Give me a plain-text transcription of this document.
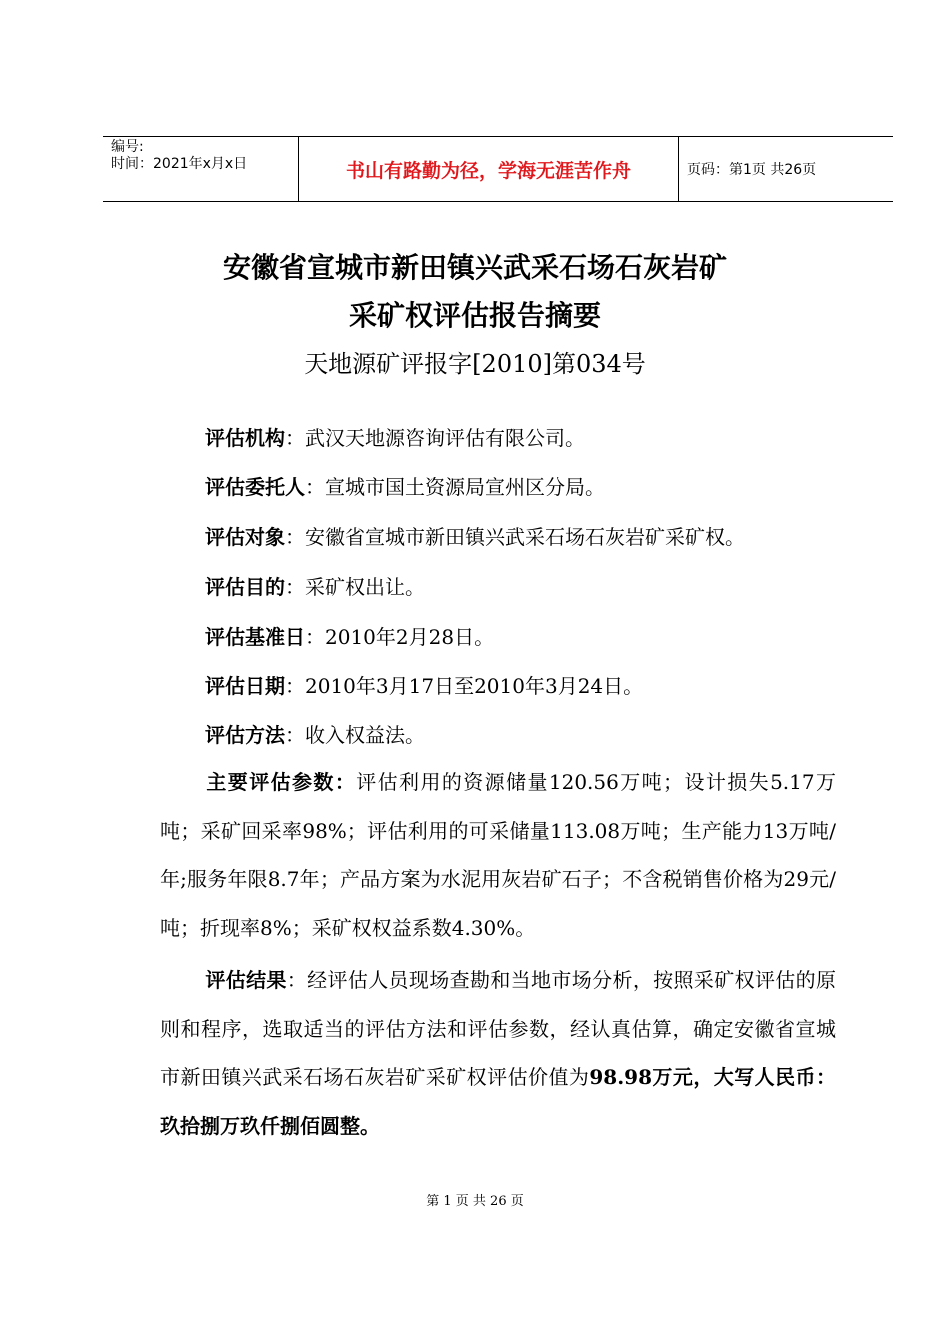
编号:
时间：2021年x月x日	书山有路勤为径，学海无涯苦作舟	页码：第1页 共26页
安徽省宣城市新田镇兴武采石场石灰岩矿
采矿权评估报告摘要
天地源矿评报字[2010]第034号
评估机构：武汉天地源咨询评估有限公司。
评估委托人：宣城市国土资源局宣州区分局。
评估对象：安徽省宣城市新田镇兴武采石场石灰岩矿采矿权。
评估目的：采矿权出让。
评估基准日：2010年2月28日。
评估日期：2010年3月17日至2010年3月24日。
评估方法：收入权益法。
主要评估参数：评估利用的资源储量120.56万吨；设计损失5.17万吨；采矿回采率98%；评估利用的可采储量113.08万吨；生产能力13万吨/年;服务年限8.7年；产品方案为水泥用灰岩矿石子；不含税销售价格为29元/吨；折现率8%；采矿权权益系数4.30%。
评估结果：经评估人员现场查勘和当地市场分析，按照采矿权评估的原则和程序，选取适当的评估方法和评估参数，经认真估算，确定安徽省宣城市新田镇兴武采石场石灰岩矿采矿权评估价值为98.98万元，大写人民币：玖拾捌万玖仟捌佰圆整。
第 1 页 共 26 页
